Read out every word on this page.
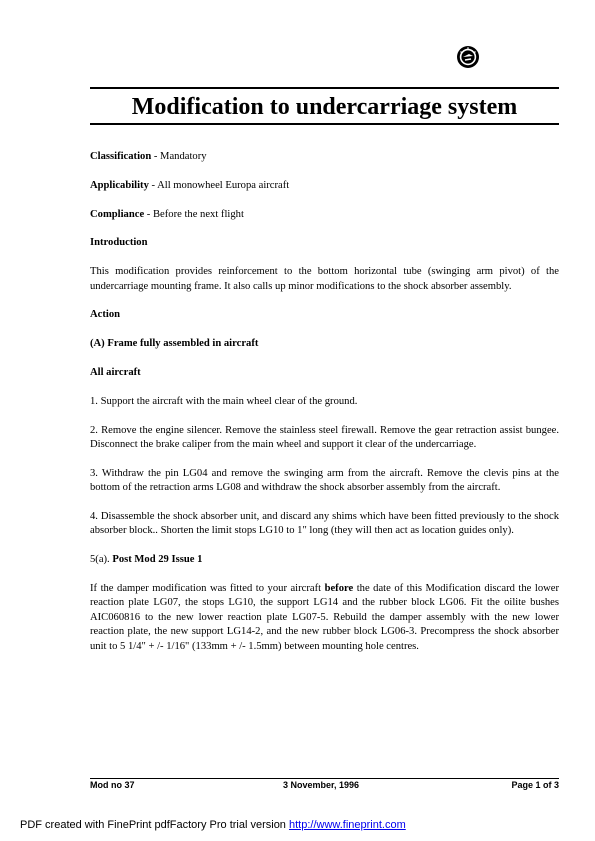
Modification to undercarriage system

Classification - Mandatory

Applicability - All monowheel Europa aircraft

Compliance - Before the next flight

Introduction

This modification provides reinforcement to the bottom horizontal tube (swinging arm pivot) of the undercarriage mounting frame. It also calls up minor modifications to the shock absorber assembly.

Action

(A) Frame fully assembled in aircraft

All aircraft

1. Support the aircraft with the main wheel clear of the ground.

2. Remove the engine silencer. Remove the stainless steel firewall. Remove the gear retraction assist bungee. Disconnect the brake caliper from the main wheel and support it clear of the undercarriage.

3. Withdraw the pin LG04 and remove the swinging arm from the aircraft. Remove the clevis pins at the bottom of the retraction arms LG08 and withdraw the shock absorber assembly from the aircraft.

4. Disassemble the shock absorber unit, and discard any shims which have been fitted previously to the shock absorber block.. Shorten the limit stops LG10 to 1" long (they will then act as location guides only).

5(a). Post Mod 29 Issue 1

If the damper modification was fitted to your aircraft before the date of this Modification discard the lower reaction plate LG07, the stops LG10, the support LG14 and the rubber block LG06. Fit the oilite bushes AIC060816 to the new lower reaction plate LG07-5. Rebuild the damper assembly with the new lower reaction plate, the new support LG14-2, and the new rubber block LG06-3. Precompress the shock absorber unit to 5 1/4" + /- 1/16" (133mm + /- 1.5mm) between mounting hole centres.

Mod no 37	3 November, 1996	Page 1 of 3
PDF created with FinePrint pdfFactory Pro trial version http://www.fineprint.com
